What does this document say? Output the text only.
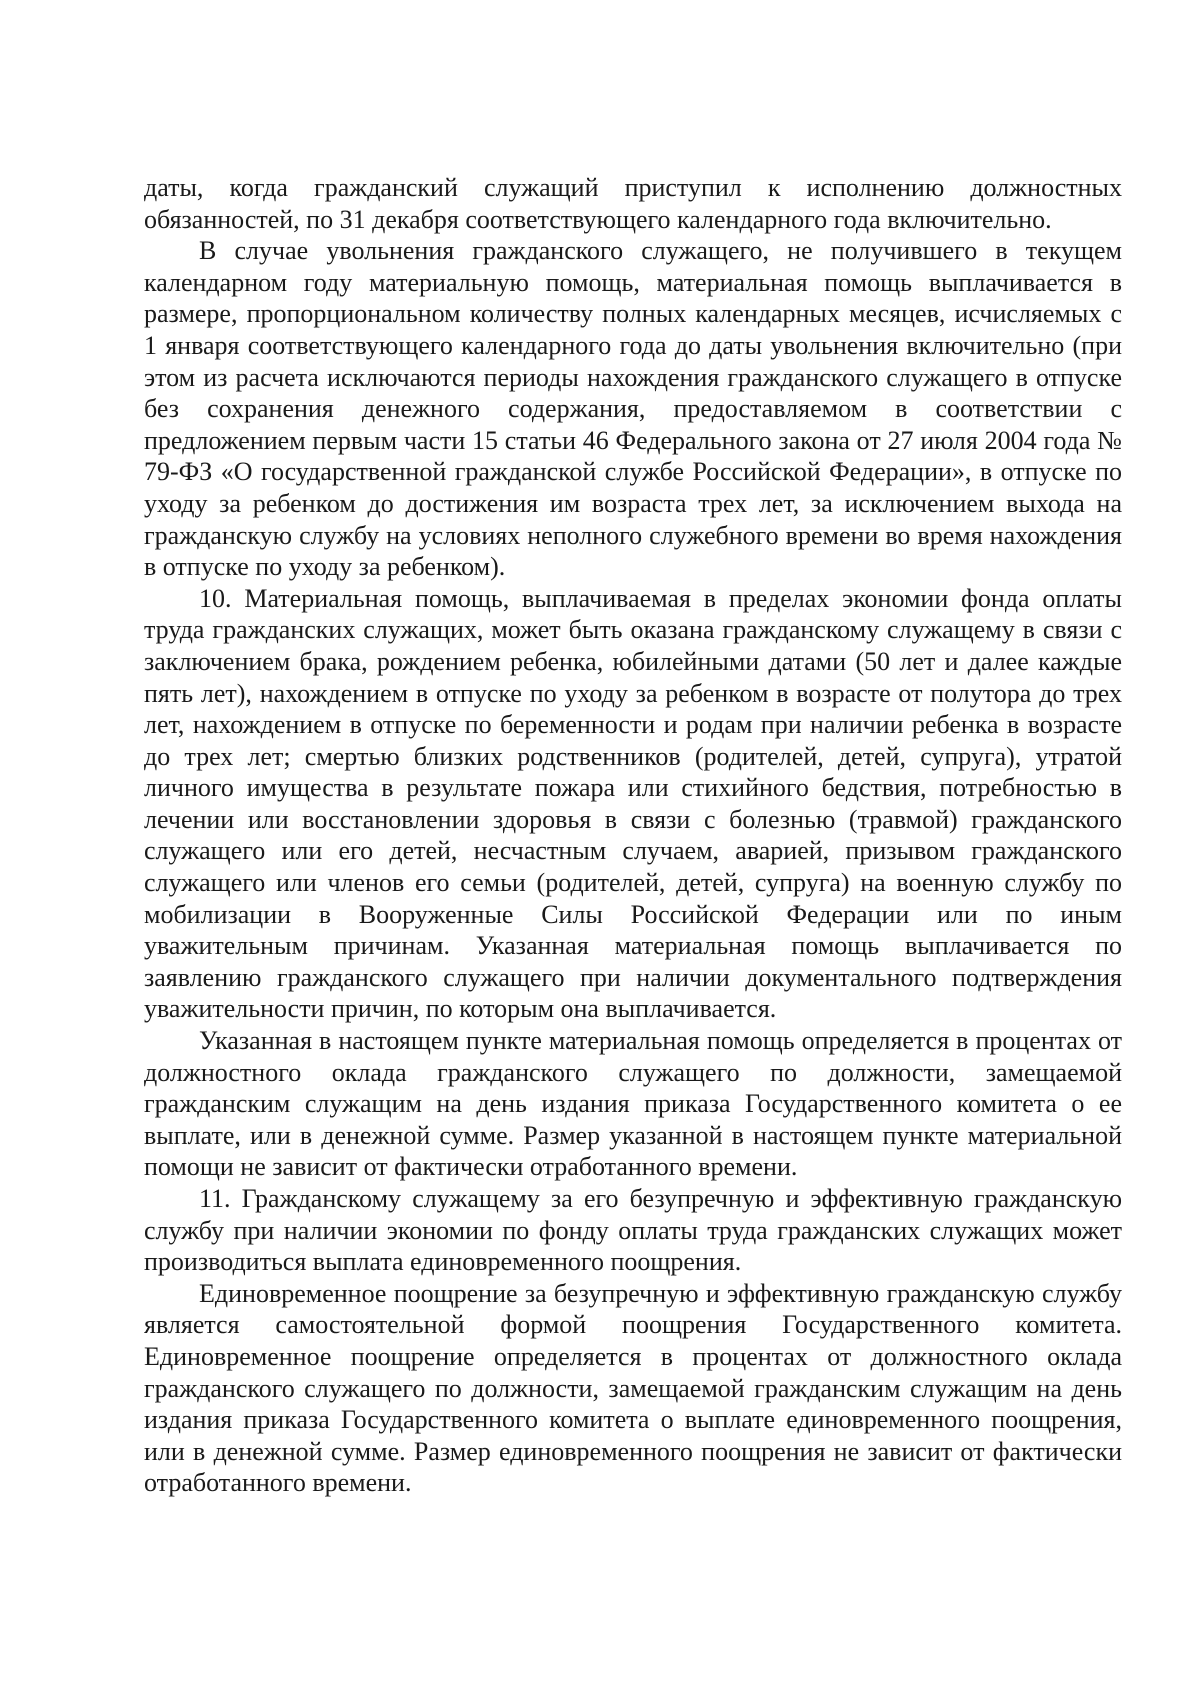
даты, когда гражданский служащий приступил к исполнению должностных обязанностей, по 31 декабря соответствующего календарного года включительно.

В случае увольнения гражданского служащего, не получившего в текущем календарном году материальную помощь, материальная помощь выплачивается в размере, пропорциональном количеству полных календарных месяцев, исчисляемых с 1 января соответствующего календарного года до даты увольнения включительно (при этом из расчета исключаются периоды нахождения гражданского служащего в отпуске без сохранения денежного содержания, предоставляемом в соответствии с предложением первым части 15 статьи 46 Федерального закона от 27 июля 2004 года № 79-ФЗ «О государственной гражданской службе Российской Федерации», в отпуске по уходу за ребенком до достижения им возраста трех лет, за исключением выхода на гражданскую службу на условиях неполного служебного времени во время нахождения в отпуске по уходу за ребенком).

10. Материальная помощь, выплачиваемая в пределах экономии фонда оплаты труда гражданских служащих, может быть оказана гражданскому служащему в связи с заключением брака, рождением ребенка, юбилейными датами (50 лет и далее каждые пять лет), нахождением в отпуске по уходу за ребенком в возрасте от полутора до трех лет, нахождением в отпуске по беременности и родам при наличии ребенка в возрасте до трех лет; смертью близких родственников (родителей, детей, супруга), утратой личного имущества в результате пожара или стихийного бедствия, потребностью в лечении или восстановлении здоровья в связи с болезнью (травмой) гражданского служащего или его детей, несчастным случаем, аварией, призывом гражданского служащего или членов его семьи (родителей, детей, супруга) на военную службу по мобилизации в Вооруженные Силы Российской Федерации или по иным уважительным причинам. Указанная материальная помощь выплачивается по заявлению гражданского служащего при наличии документального подтверждения уважительности причин, по которым она выплачивается.

Указанная в настоящем пункте материальная помощь определяется в процентах от должностного оклада гражданского служащего по должности, замещаемой гражданским служащим на день издания приказа Государственного комитета о ее выплате, или в денежной сумме. Размер указанной в настоящем пункте материальной помощи не зависит от фактически отработанного времени.

11. Гражданскому служащему за его безупречную и эффективную гражданскую службу при наличии экономии по фонду оплаты труда гражданских служащих может производиться выплата единовременного поощрения.

Единовременное поощрение за безупречную и эффективную гражданскую службу является самостоятельной формой поощрения Государственного комитета. Единовременное поощрение определяется в процентах от должностного оклада гражданского служащего по должности, замещаемой гражданским служащим на день издания приказа Государственного комитета о выплате единовременного поощрения, или в денежной сумме. Размер единовременного поощрения не зависит от фактически отработанного времени.
